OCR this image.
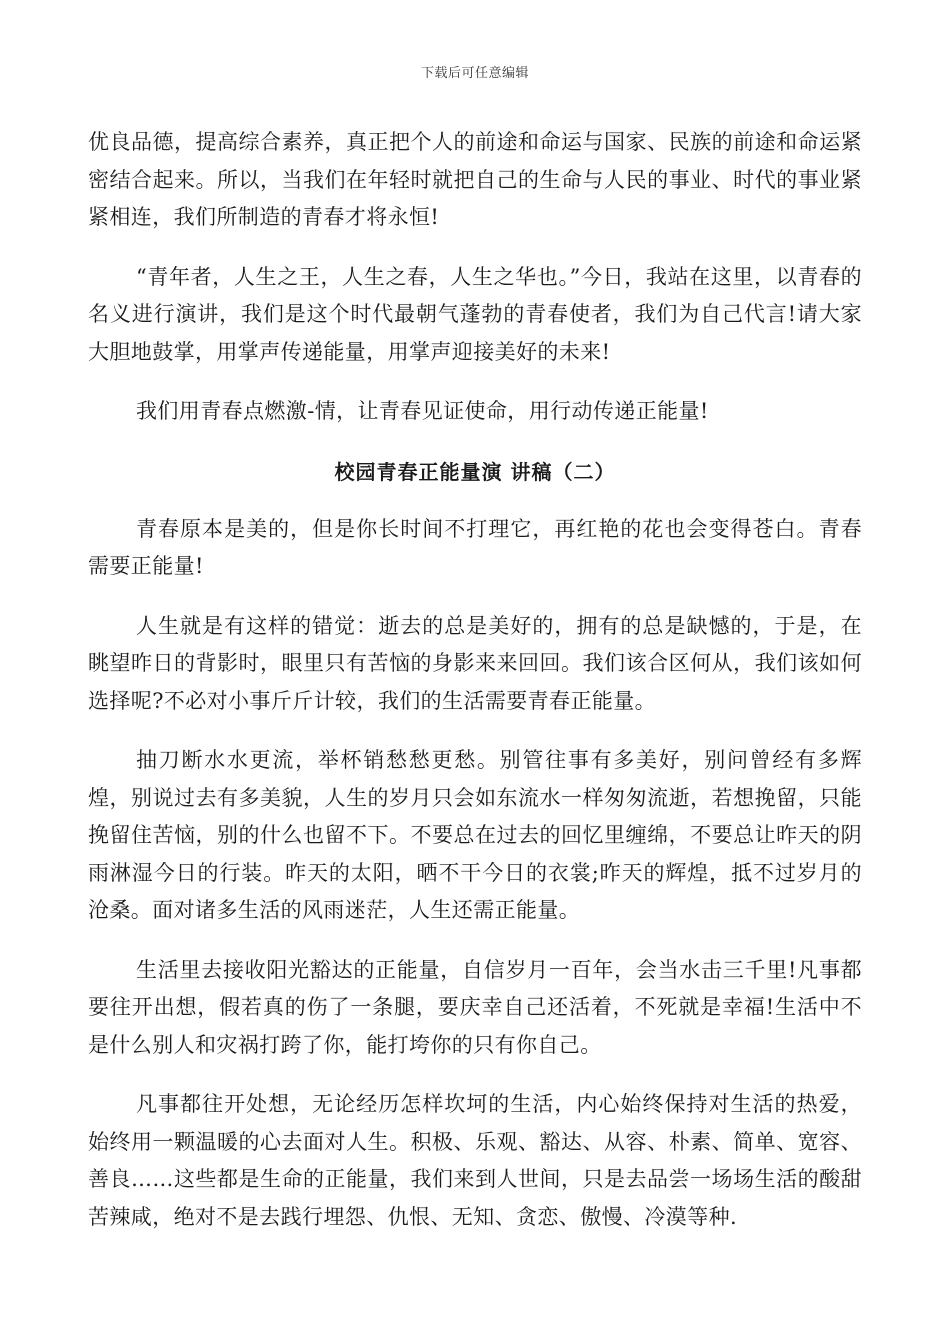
下载后可任意编辑

优良品德，提高综合素养，真正把个人的前途和命运与国家、民族的前途和命运紧密结合起来。所以，当我们在年轻时就把自己的生命与人民的事业、时代的事业紧紧相连，我们所制造的青春才将永恒!

“青年者，人生之王，人生之春，人生之华也。”今日，我站在这里，以青春的名义进行演讲，我们是这个时代最朝气蓬勃的青春使者，我们为自己代言!请大家大胆地鼓掌，用掌声传递能量，用掌声迎接美好的未来!

我们用青春点燃激-情，让青春见证使命，用行动传递正能量!

校园青春正能量演 讲稿（二）

青春原本是美的，但是你长时间不打理它，再红艳的花也会变得苍白。青春需要正能量!

人生就是有这样的错觉：逝去的总是美好的，拥有的总是缺憾的，于是，在眺望昨日的背影时，眼里只有苦恼的身影来来回回。我们该合区何从，我们该如何选择呢?不必对小事斤斤计较，我们的生活需要青春正能量。

抽刀断水水更流，举杯销愁愁更愁。别管往事有多美好，别问曾经有多辉煌，别说过去有多美貌，人生的岁月只会如东流水一样匆匆流逝，若想挽留，只能挽留住苦恼，别的什么也留不下。不要总在过去的回忆里缠绵，不要总让昨天的阴雨淋湿今日的行装。昨天的太阳，晒不干今日的衣裳;昨天的辉煌，抵不过岁月的沧桑。面对诸多生活的风雨迷茫，人生还需正能量。

生活里去接收阳光豁达的正能量，自信岁月一百年，会当水击三千里!凡事都要往开出想，假若真的伤了一条腿，要庆幸自己还活着，不死就是幸福!生活中不是什么别人和灾祸打跨了你，能打垮你的只有你自己。

凡事都往开处想，无论经历怎样坎坷的生活，内心始终保持对生活的热爱，始终用一颗温暖的心去面对人生。积极、乐观、豁达、从容、朴素、简单、宽容、善良……这些都是生命的正能量，我们来到人世间，只是去品尝一场场生活的酸甜苦辣咸，绝对不是去践行埋怨、仇恨、无知、贪恋、傲慢、冷漠等种.
